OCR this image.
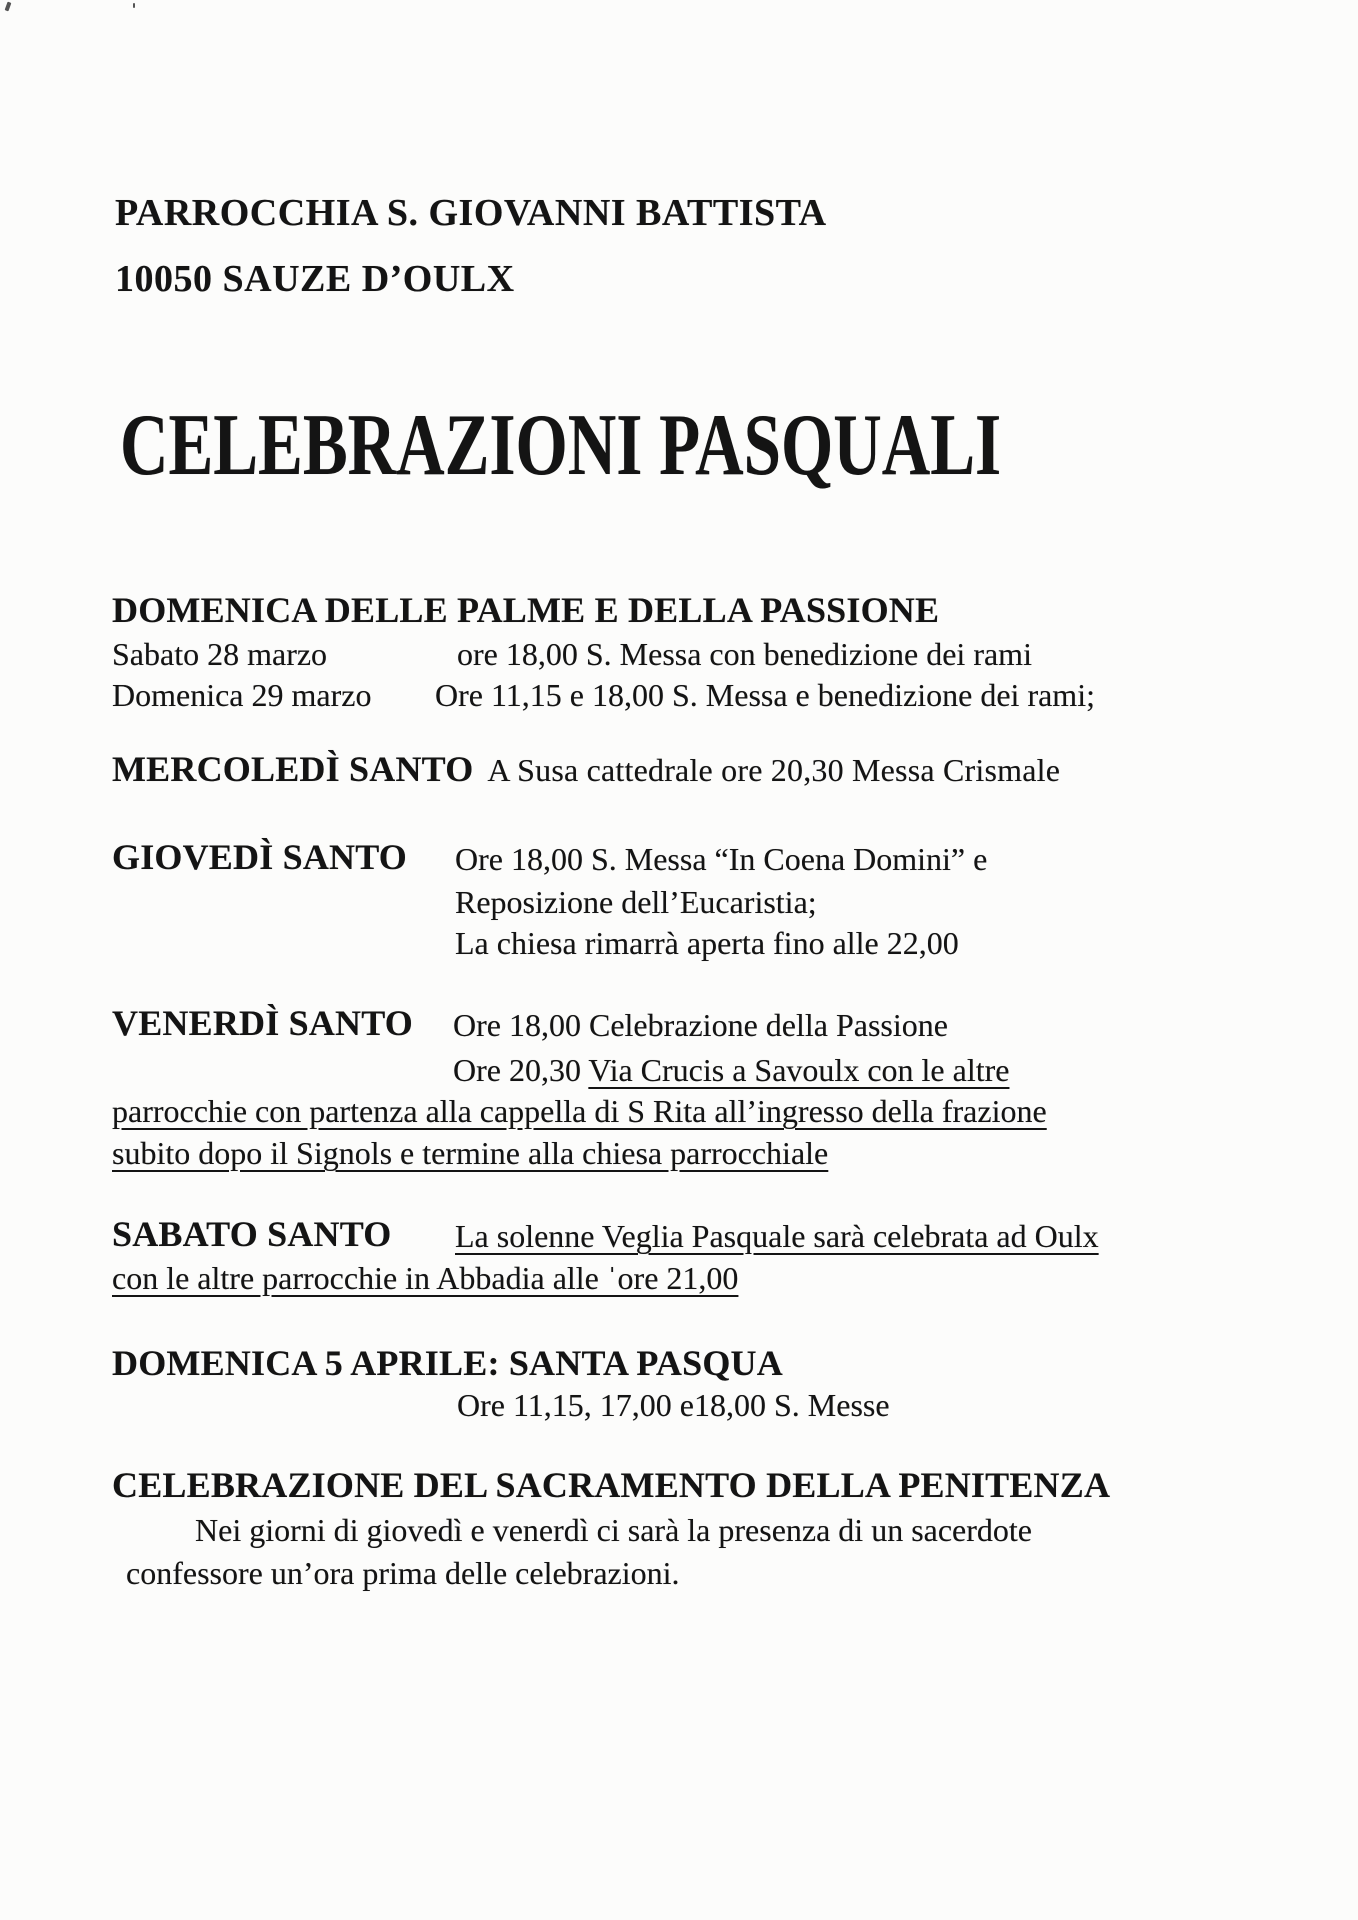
PARROCCHIA S. GIOVANNI BATTISTA
10050 SAUZE D’OULX
CELEBRAZIONI PASQUALI
DOMENICA DELLE PALME E DELLA PASSIONE
Sabato 28 marzo	ore 18,00 S. Messa con benedizione dei rami
Domenica 29 marzo Ore 11,15 e 18,00 S. Messa e benedizione dei rami;
MERCOLEDÌ SANTO A Susa cattedrale ore 20,30 Messa Crismale
GIOVEDÌ SANTO Ore 18,00 S. Messa “In Coena Domini” e
Reposizione dell’Eucaristia;
La chiesa rimarrà aperta fino alle 22,00
VENERDÌ SANTO Ore 18,00 Celebrazione della Passione
Ore 20,30 Via Crucis a Savoulx con le altre
parrocchie con partenza alla cappella di S Rita all’ingresso della frazione
subito dopo il Signols e termine alla chiesa parrocchiale
SABATO SANTO La solenne Veglia Pasquale sarà celebrata ad Oulx
con le altre parrocchie in Abbadia alle ˈore 21,00
DOMENICA 5 APRILE: SANTA PASQUA
Ore 11,15, 17,00 e18,00 S. Messe
CELEBRAZIONE DEL SACRAMENTO DELLA PENITENZA
Nei giorni di giovedì e venerdì ci sarà la presenza di un sacerdote
confessore un’ora prima delle celebrazioni.
